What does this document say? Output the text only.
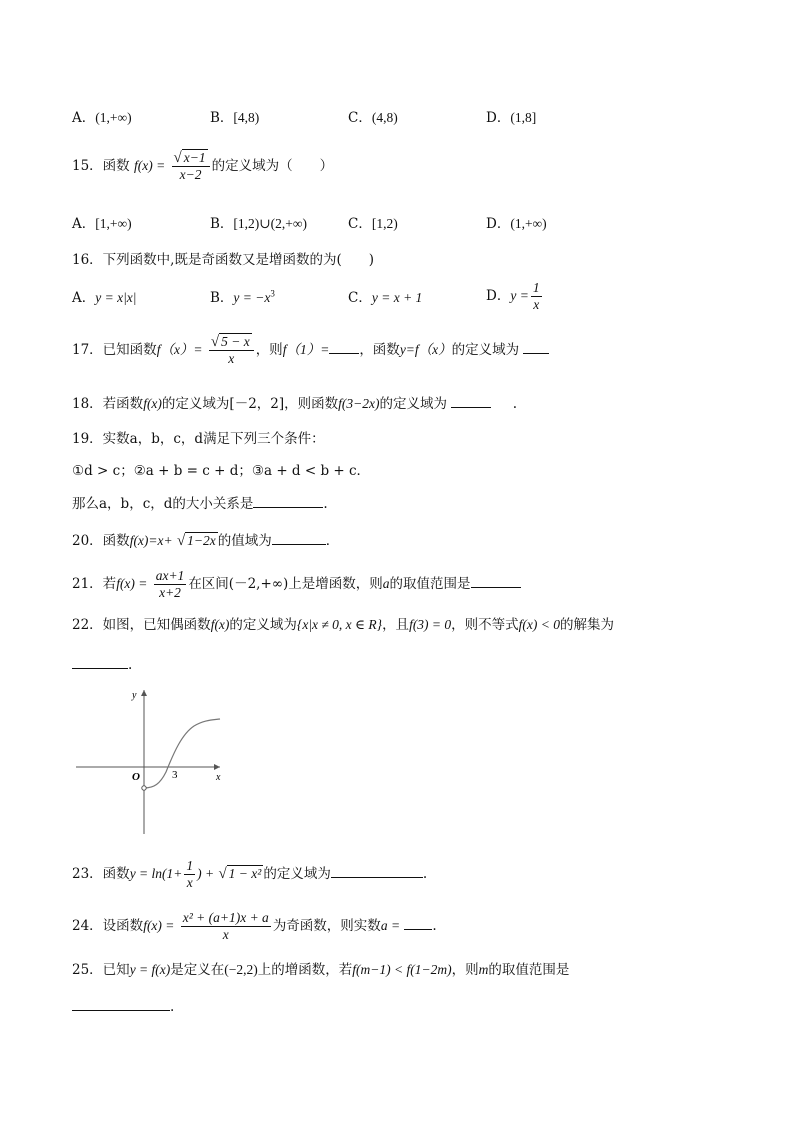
A．(1,+∞)	B．[4,8)	C．(4,8)	D．(1,8]
15．函数 $f(x) = \frac{√ x-1}{x-2}$ 的定义域为（　　）
A．[1,+∞)	B．[1,2)∪(2,+∞)	C．[1,2)	D．(1,+∞)
16．下列函数中,既是奇函数又是增函数的为(　　)
A．y = x|x|	B．$y = -x^3$	C．y = x + 1	D．$y = \frac{1}{x}$
17．已知函数$f(x)= \frac{√ 5 - x}{x}$ ，则f（1）= ，函数y=f（x）的定义域为
18．若函数f(x)的定义域为[－2，2]，则函数f(3−2x)的定义域为	.
19．实数a，b，c，d满足下列三个条件：
①d > c；②a + b = c + d；③a + d < b + c．
那么a，b，c，d的大小关系是	.
20．函数f(x)=x+ √ 1−2x 的值域为	．
21．若$f(x) = \frac{ax+1}{x+2}$ 在区间(－2,+∞)上是增函数，则a的取值范围是
22．如图，已知偶函数f(x)的定义域为{x|x ≠ 0, x ∈ R}，且f(3) = 0，则不等式f(x) < 0的解集为
.
y
x
O	3
23．函数$y = \ln(1+ \frac{1}{x}$ ) + √ 1 − x² 的定义域为	.
24．设函数$f(x) = \frac{\text{x² + (a+1)x + a}}{x}$ 为奇函数，则实数a = .
25．已知y = f(x)是定义在(−2,2)上的增函数，若f(m−1) < f(1−2m)，则m的取值范围是
.
